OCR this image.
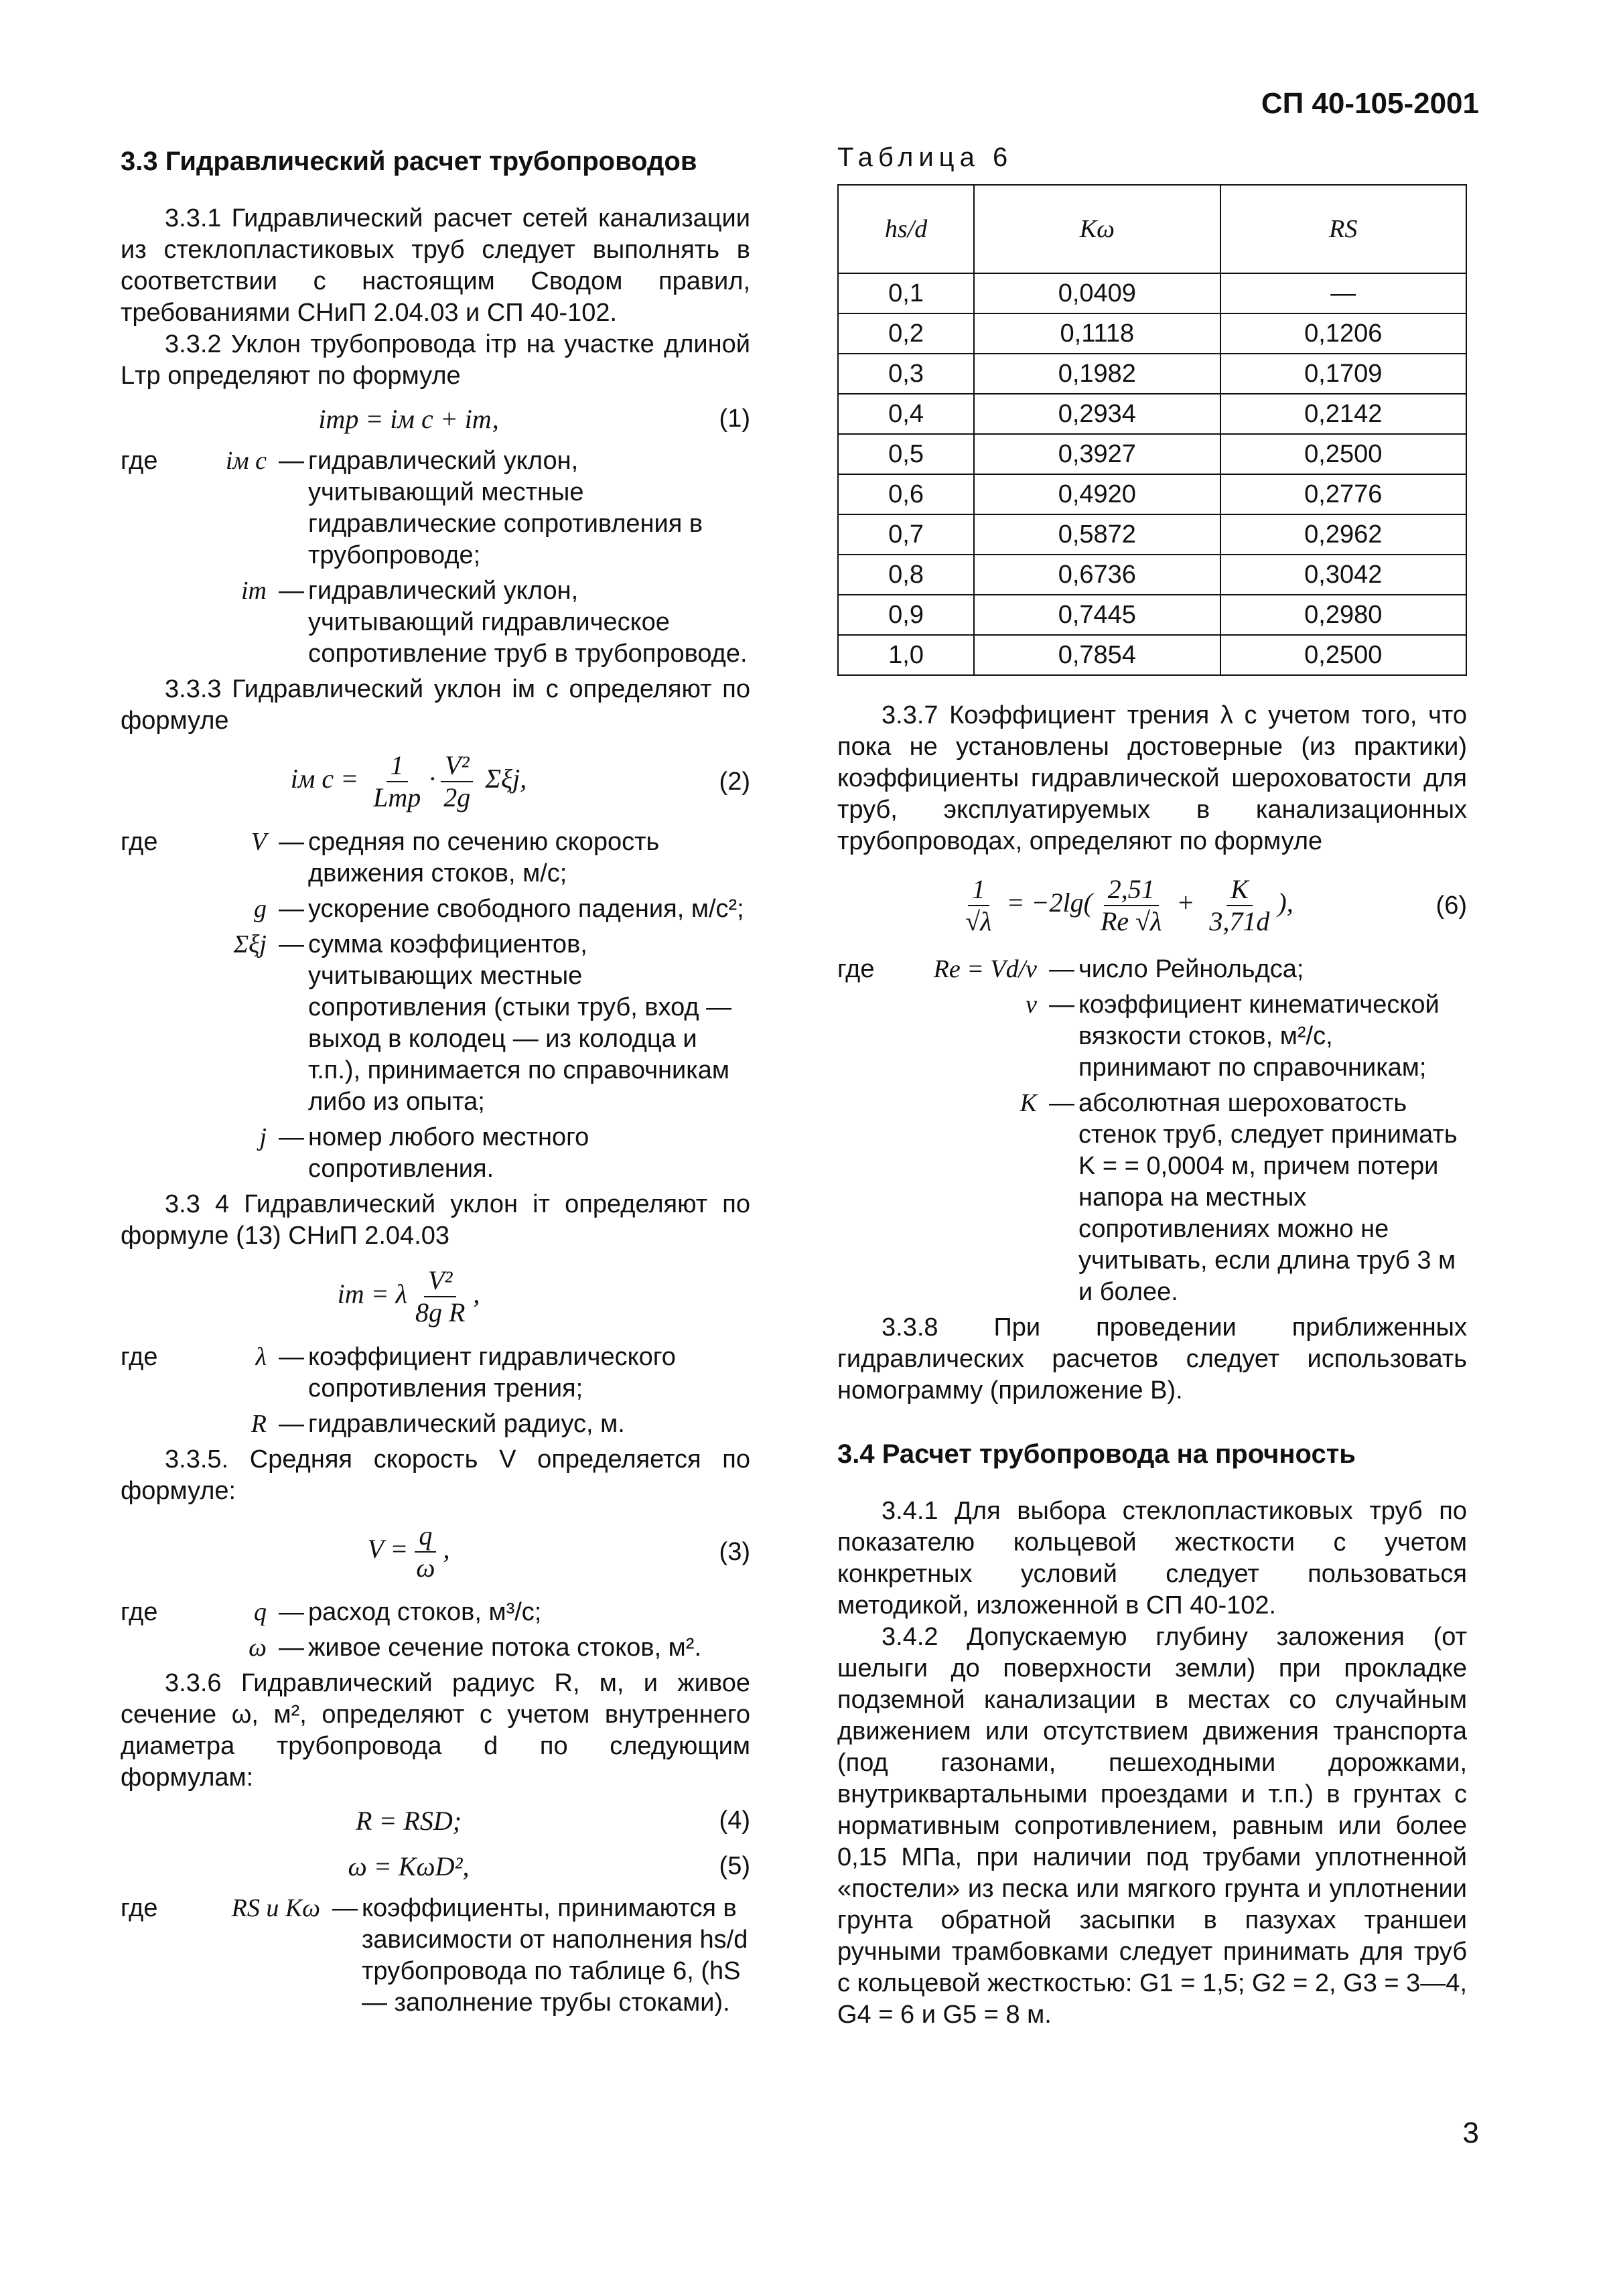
СП 40-105-2001
3.3 Гидравлический расчет трубопроводов

3.3.1 Гидравлический расчет сетей канализации из стеклопластиковых труб следует выполнять в соответствии с настоящим Сводом правил, требованиями СНиП 2.04.03 и СП 40-102.

3.3.2 Уклон трубопровода iтр на участке длиной Lтр определяют по формуле

iтр = iм с + iт,	(1)
где	iм с — гидравлический уклон, учитывающий местные гидравлические сопротивления в трубопроводе;
iт — гидравлический уклон, учитывающий гидравлическое сопротивление труб в трубопроводе.

3.3.3 Гидравлический уклон iм с определяют по формуле

iм $с = \frac{1}{\text{Lтр}} \cdot \frac{\text{V²}}{2g} \Sigma\xi j$,	(2)
где	V — средняя по сечению скорость движения стоков, м/с;
g — ускорение свободного падения, м/с²;
Σξj — сумма коэффициентов, учитывающих местные сопротивления (стыки труб, вход — выход в колодец — из колодца и т.п.), принимается по справочникам либо из опыта;
j — номер любого местного сопротивления.

3.3 4 Гидравлический уклон iт определяют по формуле (13) СНиП 2.04.03

iт = λ $\frac{\text{V²}}{\text{8g R}}$ ,
где	λ — коэффициент гидравлического сопротивления трения;
R — гидравлический радиус, м.

3.3.5. Средняя скорость V определяется по формуле:

$V = \frac{q}{\omega}$ ,	(3)
где	q — расход стоков, м³/с;
ω — живое сечение потока стоков, м².

3.3.6 Гидравлический радиус R, м, и живое сечение ω, м², определяют с учетом внутреннего диаметра трубопровода d по следующим формулам:

R = RSD;	(4)
ω = KωD²,	(5)
где	RS и Kω — коэффициенты, принимаются в зависимости от наполнения hs/d трубопровода по таблице 6, (hS — заполнение трубы стоками).
Таблица 6
hs/d	Kω	RS
0,1	0,0409	—
0,2	0,1118	0,1206
0,3	0,1982	0,1709
0,4	0,2934	0,2142
0,5	0,3927	0,2500
0,6	0,4920	0,2776
0,7	0,5872	0,2962
0,8	0,6736	0,3042
0,9	0,7445	0,2980
1,0	0,7854	0,2500

3.3.7 Коэффициент трения λ с учетом того, что пока не установлены достоверные (из практики) коэффициенты гидравлической шероховатости для труб, эксплуатируемых в канализационных трубопроводах, определяют по формуле

$\frac{1}{√\lambda} = -2\lg( \frac{2,51}{Re √\lambda} + \frac{K}{3,71d}$ ),	(6)
где	Re = Vd/ν — число Рейнольдса;
ν — коэффициент кинематической вязкости стоков, м²/с, принимают по справочникам;
K — абсолютная шероховатость стенок труб, следует принимать K = = 0,0004 м, причем потери напора на местных сопротивлениях можно не учитывать, если длина труб 3 м и более.

3.3.8 При проведении приближенных гидравлических расчетов следует использовать номограмму (приложение В).

3.4 Расчет трубопровода на прочность

3.4.1 Для выбора стеклопластиковых труб по показателю кольцевой жесткости с учетом конкретных условий следует пользоваться методикой, изложенной в СП 40-102.

3.4.2 Допускаемую глубину заложения (от шелыги до поверхности земли) при прокладке подземной канализации в местах со случайным движением или отсутствием движения транспорта (под газонами, пешеходными дорожками, внутриквартальными проездами и т.п.) в грунтах с нормативным сопротивлением, равным или более 0,15 МПа, при наличии под трубами уплотненной «постели» из песка или мягкого грунта и уплотнении грунта обратной засыпки в пазухах траншеи ручными трамбовками следует принимать для труб с кольцевой жесткостью: G1 = 1,5; G2 = 2, G3 = 3—4, G4 = 6 и G5 = 8 м.

3
